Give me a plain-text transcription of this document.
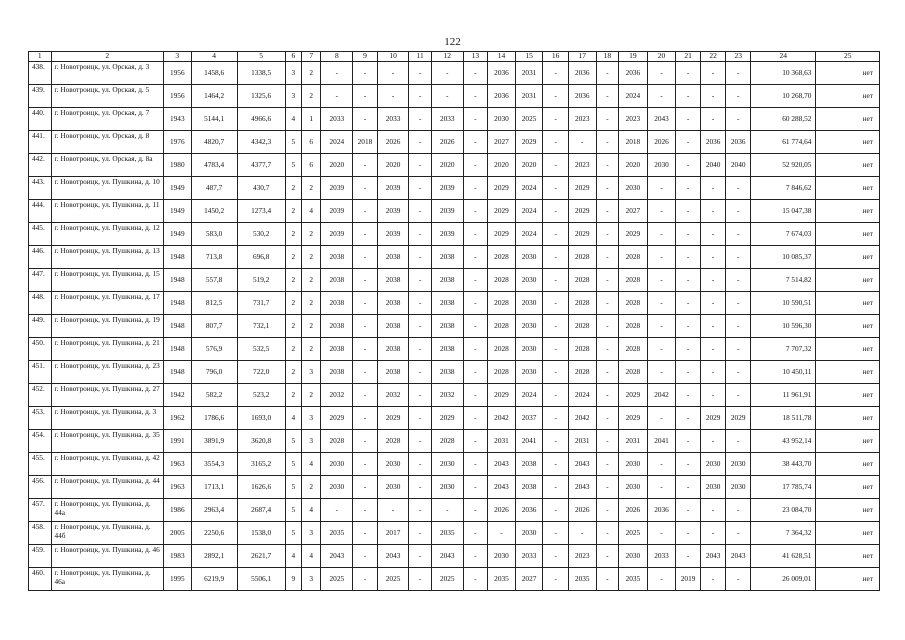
122
1	2	3	4	5	6	7	8	9	10	11	12	13	14	15	16	17	18	19	20	21	22	23	24	25
438.	г. Новотроицк, ул. Орская, д. 3	1956	1458,6	1338,5	3	2	-	-	-	-	-	-	2036	2031	-	2036	-	2036	-	-	-	-	10 368,63	нет
439.	г. Новотроицк, ул. Орская, д. 5	1956	1464,2	1325,6	3	2	-	-	-	-	-	-	2036	2031	-	2036	-	2024	-	-	-	-	10 268,70	нет
440.	г. Новотроицк, ул. Орская, д. 7	1943	5144,1	4966,6	4	1	2033	-	2033	-	2033	-	2030	2025	-	2023	-	2023	2043	-	-	-	60 288,52	нет
441.	г. Новотроицк, ул. Орская, д. 8	1976	4820,7	4342,3	5	6	2024	2018	2026	-	2026	-	2027	2029	-	-	-	2018	2026	-	2036	2036	61 774,64	нет
442.	г. Новотроицк, ул. Орская, д. 8а	1980	4783,4	4377,7	5	6	2020	-	2020	-	2020	-	2020	2020	-	2023	-	2020	2030	-	2040	2040	52 920,05	нет
443.	г. Новотроицк, ул. Пушкина, д. 10	1949	487,7	430,7	2	2	2039	-	2039	-	2039	-	2029	2024	-	2029	-	2030	-	-	-	-	7 846,62	нет
444.	г. Новотроицк, ул. Пушкина, д. 11	1949	1450,2	1273,4	2	4	2039	-	2039	-	2039	-	2029	2024	-	2029	-	2027	-	-	-	-	15 047,38	нет
445.	г. Новотроицк, ул. Пушкина, д. 12	1949	583,0	530,2	2	2	2039	-	2039	-	2039	-	2029	2024	-	2029	-	2029	-	-	-	-	7 674,03	нет
446.	г. Новотроицк, ул. Пушкина, д. 13	1948	713,8	696,8	2	2	2038	-	2038	-	2038	-	2028	2030	-	2028	-	2028	-	-	-	-	10 085,37	нет
447.	г. Новотроицк, ул. Пушкина, д. 15	1948	557,8	519,2	2	2	2038	-	2038	-	2038	-	2028	2030	-	2028	-	2028	-	-	-	-	7 514,82	нет
448.	г. Новотроицк, ул. Пушкина, д. 17	1948	812,5	731,7	2	2	2038	-	2038	-	2038	-	2028	2030	-	2028	-	2028	-	-	-	-	10 590,51	нет
449.	г. Новотроицк, ул. Пушкина, д. 19	1948	807,7	732,1	2	2	2038	-	2038	-	2038	-	2028	2030	-	2028	-	2028	-	-	-	-	10 596,30	нет
450.	г. Новотроицк, ул. Пушкина, д. 21	1948	576,9	532,5	2	2	2038	-	2038	-	2038	-	2028	2030	-	2028	-	2028	-	-	-	-	7 707,32	нет
451.	г. Новотроицк, ул. Пушкина, д. 23	1948	796,0	722,0	2	3	2038	-	2038	-	2038	-	2028	2030	-	2028	-	2028	-	-	-	-	10 450,11	нет
452.	г. Новотроицк, ул. Пушкина, д. 27	1942	582,2	523,2	2	2	2032	-	2032	-	2032	-	2029	2024	-	2024	-	2029	2042	-	-	-	11 961,91	нет
453.	г. Новотроицк, ул. Пушкина, д. 3	1962	1786,6	1693,0	4	3	2029	-	2029	-	2029	-	2042	2037	-	2042	-	2029	-	-	2029	2029	18 511,78	нет
454.	г. Новотроицк, ул. Пушкина, д. 35	1991	3891,9	3620,8	5	3	2028	-	2028	-	2028	-	2031	2041	-	2031	-	2031	2041	-	-	-	43 952,14	нет
455.	г. Новотроицк, ул. Пушкина, д. 42	1963	3554,3	3165,2	5	4	2030	-	2030	-	2030	-	2043	2038	-	2043	-	2030	-	-	2030	2030	38 443,70	нет
456.	г. Новотроицк, ул. Пушкина, д. 44	1963	1713,1	1626,6	5	2	2030	-	2030	-	2030	-	2043	2038	-	2043	-	2030	-	-	2030	2030	17 785,74	нет
457.	г. Новотроицк, ул. Пушкина, д. 44а	1986	2963,4	2687,4	5	4	-	-	-	-	-	-	2026	2036	-	2026	-	2026	2036	-	-	-	23 084,70	нет
458.	г. Новотроицк, ул. Пушкина, д. 44б	2005	2250,6	1538,0	5	3	2035	-	2017	-	2035	-	-	2030	-	-	-	2025	-	-	-	-	7 364,32	нет
459.	г. Новотроицк, ул. Пушкина, д. 46	1983	2892,1	2621,7	4	4	2043	-	2043	-	2043	-	2030	2033	-	2023	-	2030	2033	-	2043	2043	41 628,51	нет
460.	г. Новотроицк, ул. Пушкина, д. 46а	1995	6219,9	5506,1	9	3	2025	-	2025	-	2025	-	2035	2027	-	2035	-	2035	-	2019	-	-	26 009,01	нет
